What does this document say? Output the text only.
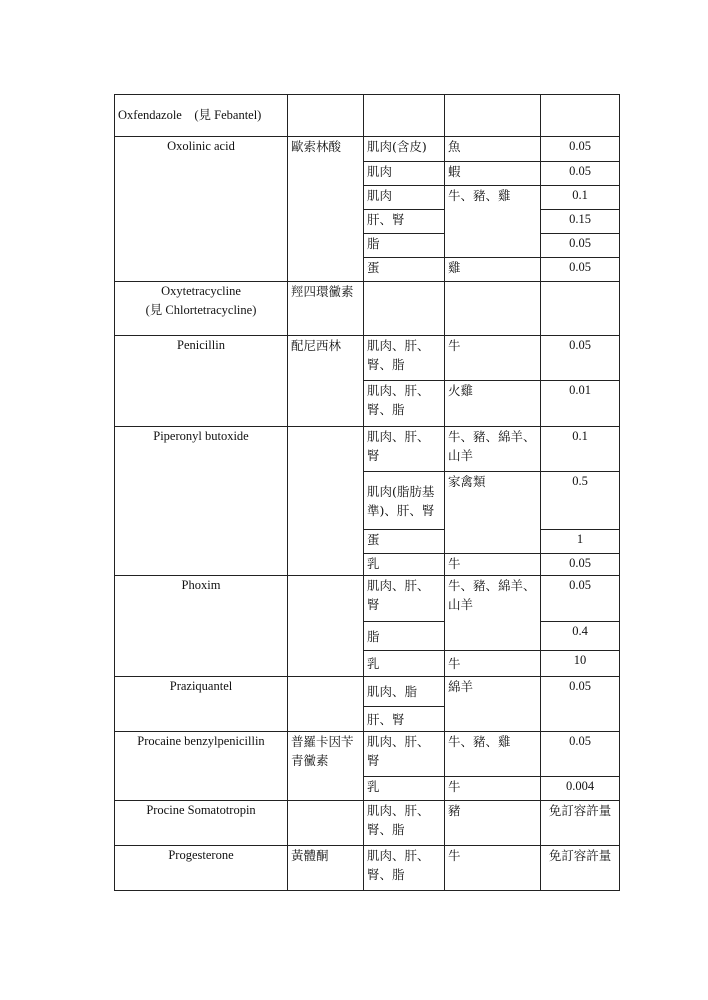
Oxfendazole　(見 Febantel)				
Oxolinic acid	歐索林酸	肌肉(含皮)	魚	0.05
		肌肉	蝦	0.05
		肌肉	牛、豬、雞	0.1
		肝、腎		0.15
		脂		0.05
		蛋	雞	0.05

Oxytetracycline
(見 Chlortetracycline)	羥四環黴素			
Penicillin	配尼西林	肌肉、肝、腎、脂	牛	0.05
		肌肉、肝、腎、脂	火雞	0.01
Piperonyl butoxide		肌肉、肝、腎	牛、豬、綿羊、山羊	0.1
		肌肉(脂肪基準)、肝、腎	家禽類	0.5
		蛋		1
		乳	牛	0.05
Phoxim		肌肉、肝、腎	牛、豬、綿羊、山羊	0.05
		脂		0.4
		乳	牛	10
Praziquantel		肌肉、脂	綿羊	0.05
		肝、腎		
Procaine benzylpenicillin	普羅卡因苄青黴素	肌肉、肝、腎	牛、豬、雞	0.05
		乳	牛	0.004
Procine Somatotropin		肌肉、肝、腎、脂	豬	免訂容許量
Progesterone	黃體酮	肌肉、肝、腎、脂	牛	免訂容許量
